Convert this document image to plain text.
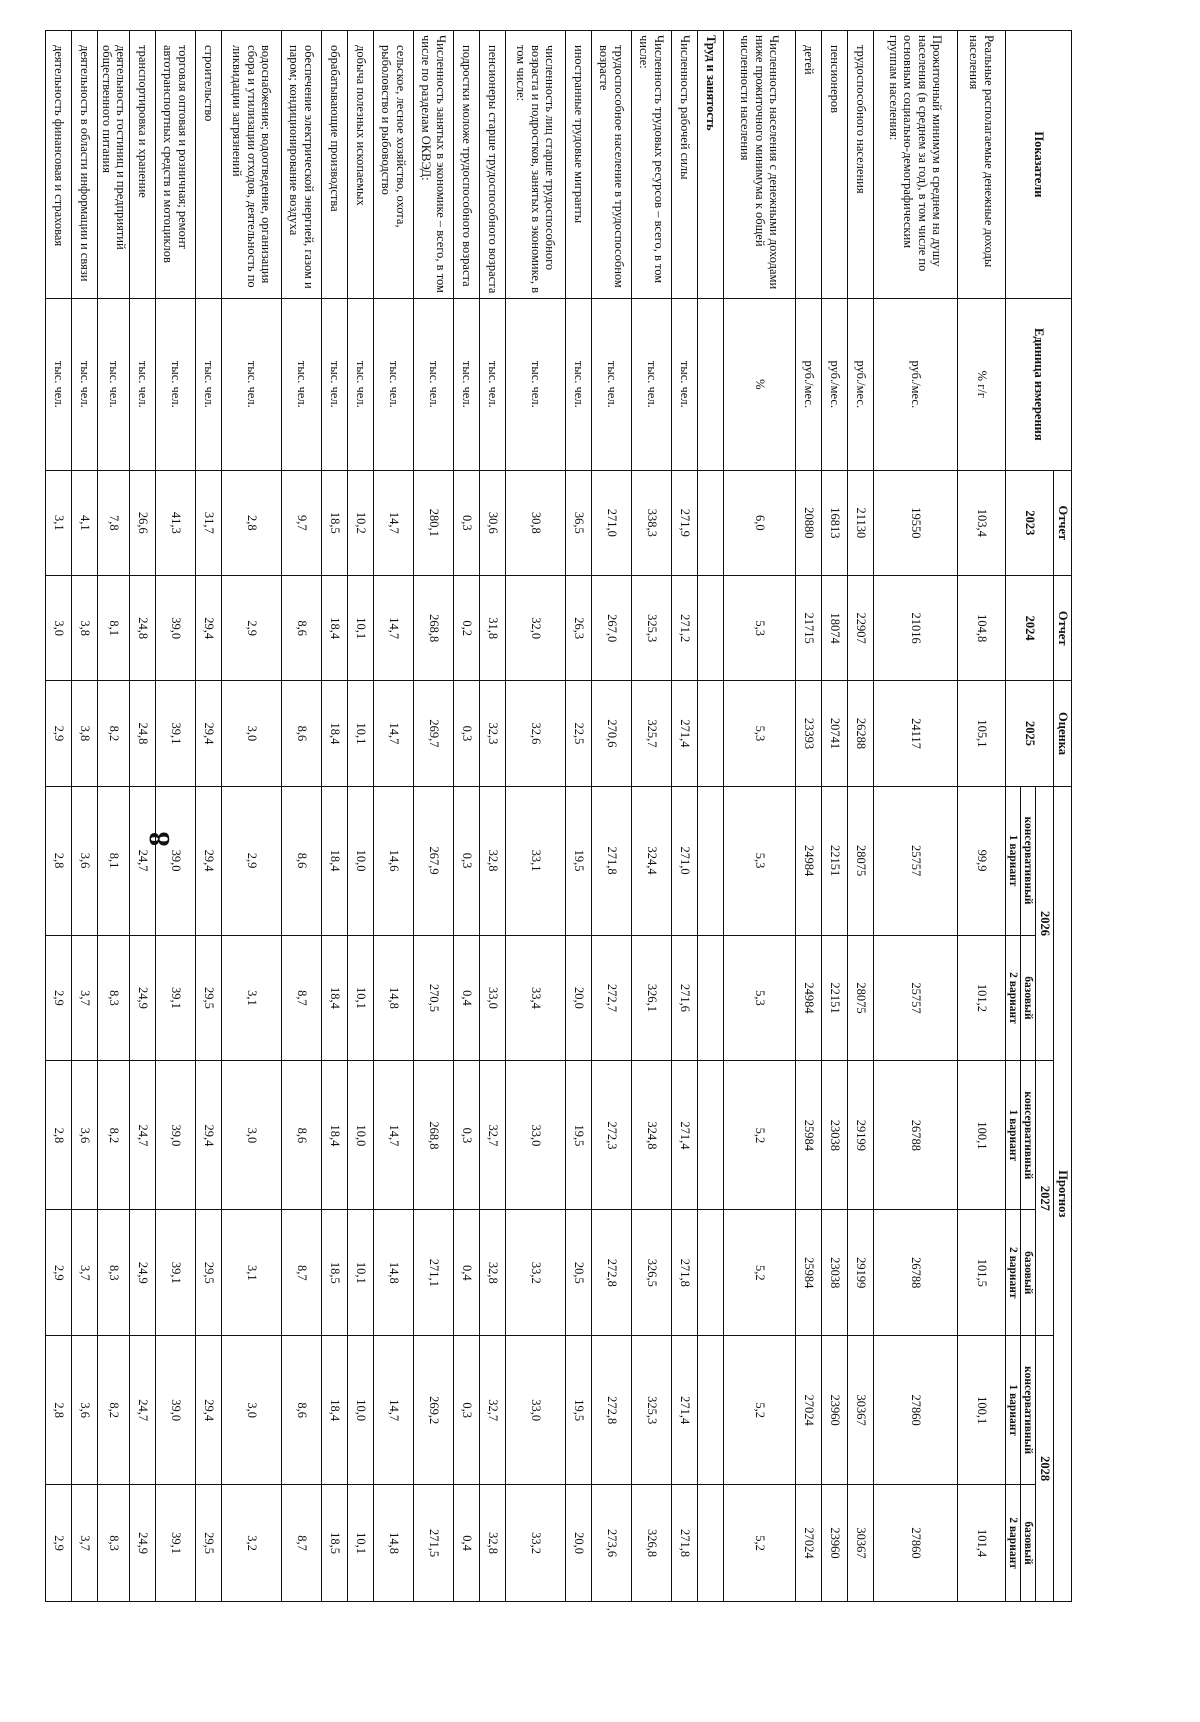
8
Показатели	Единица измерения	Отчет	Отчет	Оценка	Прогноз					
		2023	2024	2025	2026		2027		2028	
					консервативный	базовый	консервативный	базовый	консервативный	базовый
					1 вариант	2 вариант	1 вариант	2 вариант	1 вариант	2 вариант
Реальные располагаемые денежные доходы населения	% г/г	103,4	104,8	105,1	99,9	101,2	100,1	101,5	100,1	101,4
Прожиточный минимум в среднем на душу населения (в среднем за год), в том числе по основным социально-демографическим группам населения:	руб./мес.	19550	21016	24117	25757	25757	26788	26788	27860	27860
трудоспособного населения	руб./мес.	21130	22907	26288	28075	28075	29199	29199	30367	30367
пенсионеров	руб./мес.	16813	18074	20741	22151	22151	23038	23038	23960	23960
детей	руб./мес.	20880	21715	23393	24984	24984	25984	25984	27024	27024
Численность населения с денежными доходами ниже прожиточного минимума к общей численности населения	%	6,0	5,3	5,3	5,3	5,3	5,2	5,2	5,2	5,2
Труд и занятость										
Численность рабочей силы	тыс. чел.	271,9	271,2	271,4	271,0	271,6	271,4	271,8	271,4	271,8
Численность трудовых ресурсов – всего, в том числе:	тыс. чел.	338,3	325,3	325,7	324,4	326,1	324,8	326,5	325,3	326,8
трудоспособное население в трудоспособном возрасте	тыс. чел.	271,0	267,0	270,6	271,8	272,7	272,3	272,8	272,8	273,6
иностранные трудовые мигранты	тыс. чел.	36,5	26,3	22,5	19,5	20,0	19,5	20,5	19,5	20,0
численность лиц старше трудоспособного возраста и подростков, занятых в экономике, в том числе:	тыс. чел.	30,8	32,0	32,6	33,1	33,4	33,0	33,2	33,0	33,2
пенсионеры старше трудоспособного возраста	тыс. чел.	30,6	31,8	32,3	32,8	33,0	32,7	32,8	32,7	32,8
подростки моложе трудоспособного возраста	тыс. чел.	0,3	0,2	0,3	0,3	0,4	0,3	0,4	0,3	0,4
Численность занятых в экономике – всего, в том числе по разделам ОКВЭД:	тыс. чел.	280,1	268,8	269,7	267,9	270,5	268,8	271,1	269,2	271,5
сельское, лесное хозяйство, охота, рыболовство и рыбоводство	тыс. чел.	14,7	14,7	14,7	14,6	14,8	14,7	14,8	14,7	14,8
добыча полезных ископаемых	тыс. чел.	10,2	10,1	10,1	10,0	10,1	10,0	10,1	10,0	10,1
обрабатывающие производства	тыс. чел.	18,5	18,4	18,4	18,4	18,4	18,4	18,5	18,4	18,5
обеспечение электрической энергией, газом и паром; кондиционирование воздуха	тыс. чел.	9,7	8,6	8,6	8,6	8,7	8,6	8,7	8,6	8,7
водоснабжение; водоотведение, организация сбора и утилизации отходов, деятельность по ликвидации загрязнений	тыс. чел.	2,8	2,9	3,0	2,9	3,1	3,0	3,1	3,0	3,2
строительство	тыс. чел.	31,7	29,4	29,4	29,4	29,5	29,4	29,5	29,4	29,5
торговля оптовая и розничная; ремонт автотранспортных средств и мотоциклов	тыс. чел.	41,3	39,0	39,1	39,0	39,1	39,0	39,1	39,0	39,1
транспортировка и хранение	тыс. чел.	26,6	24,8	24,8	24,7	24,9	24,7	24,9	24,7	24,9
деятельность гостиниц и предприятий общественного питания	тыс. чел.	7,8	8,1	8,2	8,1	8,3	8,2	8,3	8,2	8,3
деятельность в области информации и связи	тыс. чел.	4,1	3,8	3,8	3,6	3,7	3,6	3,7	3,6	3,7
деятельность финансовая и страховая	тыс. чел.	3,1	3,0	2,9	2,8	2,9	2,8	2,9	2,8	2,9
